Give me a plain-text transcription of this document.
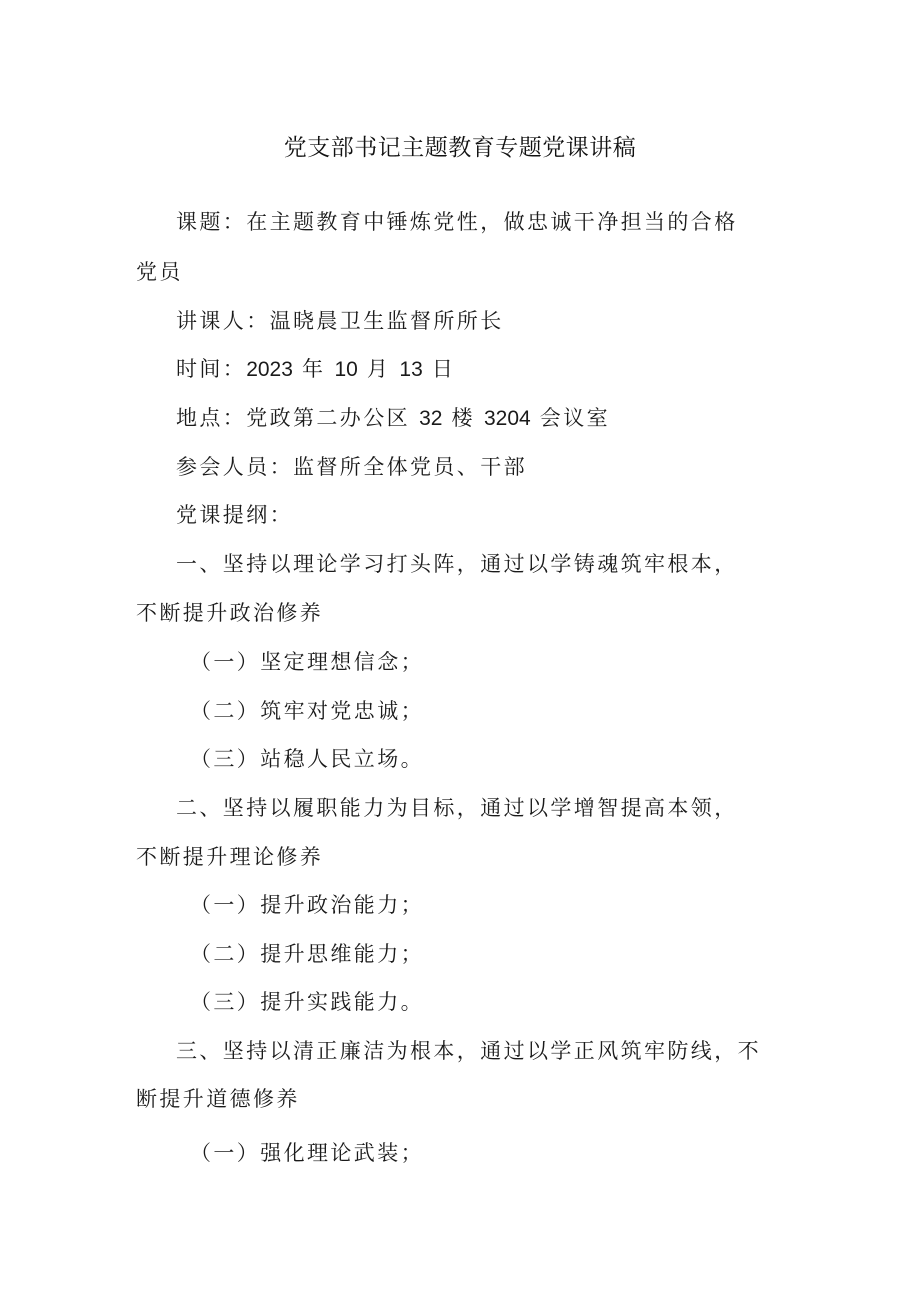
党支部书记主题教育专题党课讲稿
课题：在主题教育中锤炼党性，做忠诚干净担当的合格
党员
讲课人：温晓晨卫生监督所所长
时间：2023 年 10 月 13 日
地点：党政第二办公区 32 楼 3204 会议室
参会人员：监督所全体党员、干部
党课提纲：
一、坚持以理论学习打头阵，通过以学铸魂筑牢根本，
不断提升政治修养
（一）坚定理想信念；
（二）筑牢对党忠诚；
（三）站稳人民立场。
二、坚持以履职能力为目标，通过以学增智提高本领，
不断提升理论修养
（一）提升政治能力；
（二）提升思维能力；
（三）提升实践能力。
三、坚持以清正廉洁为根本，通过以学正风筑牢防线，不
断提升道德修养
（一）强化理论武装；
